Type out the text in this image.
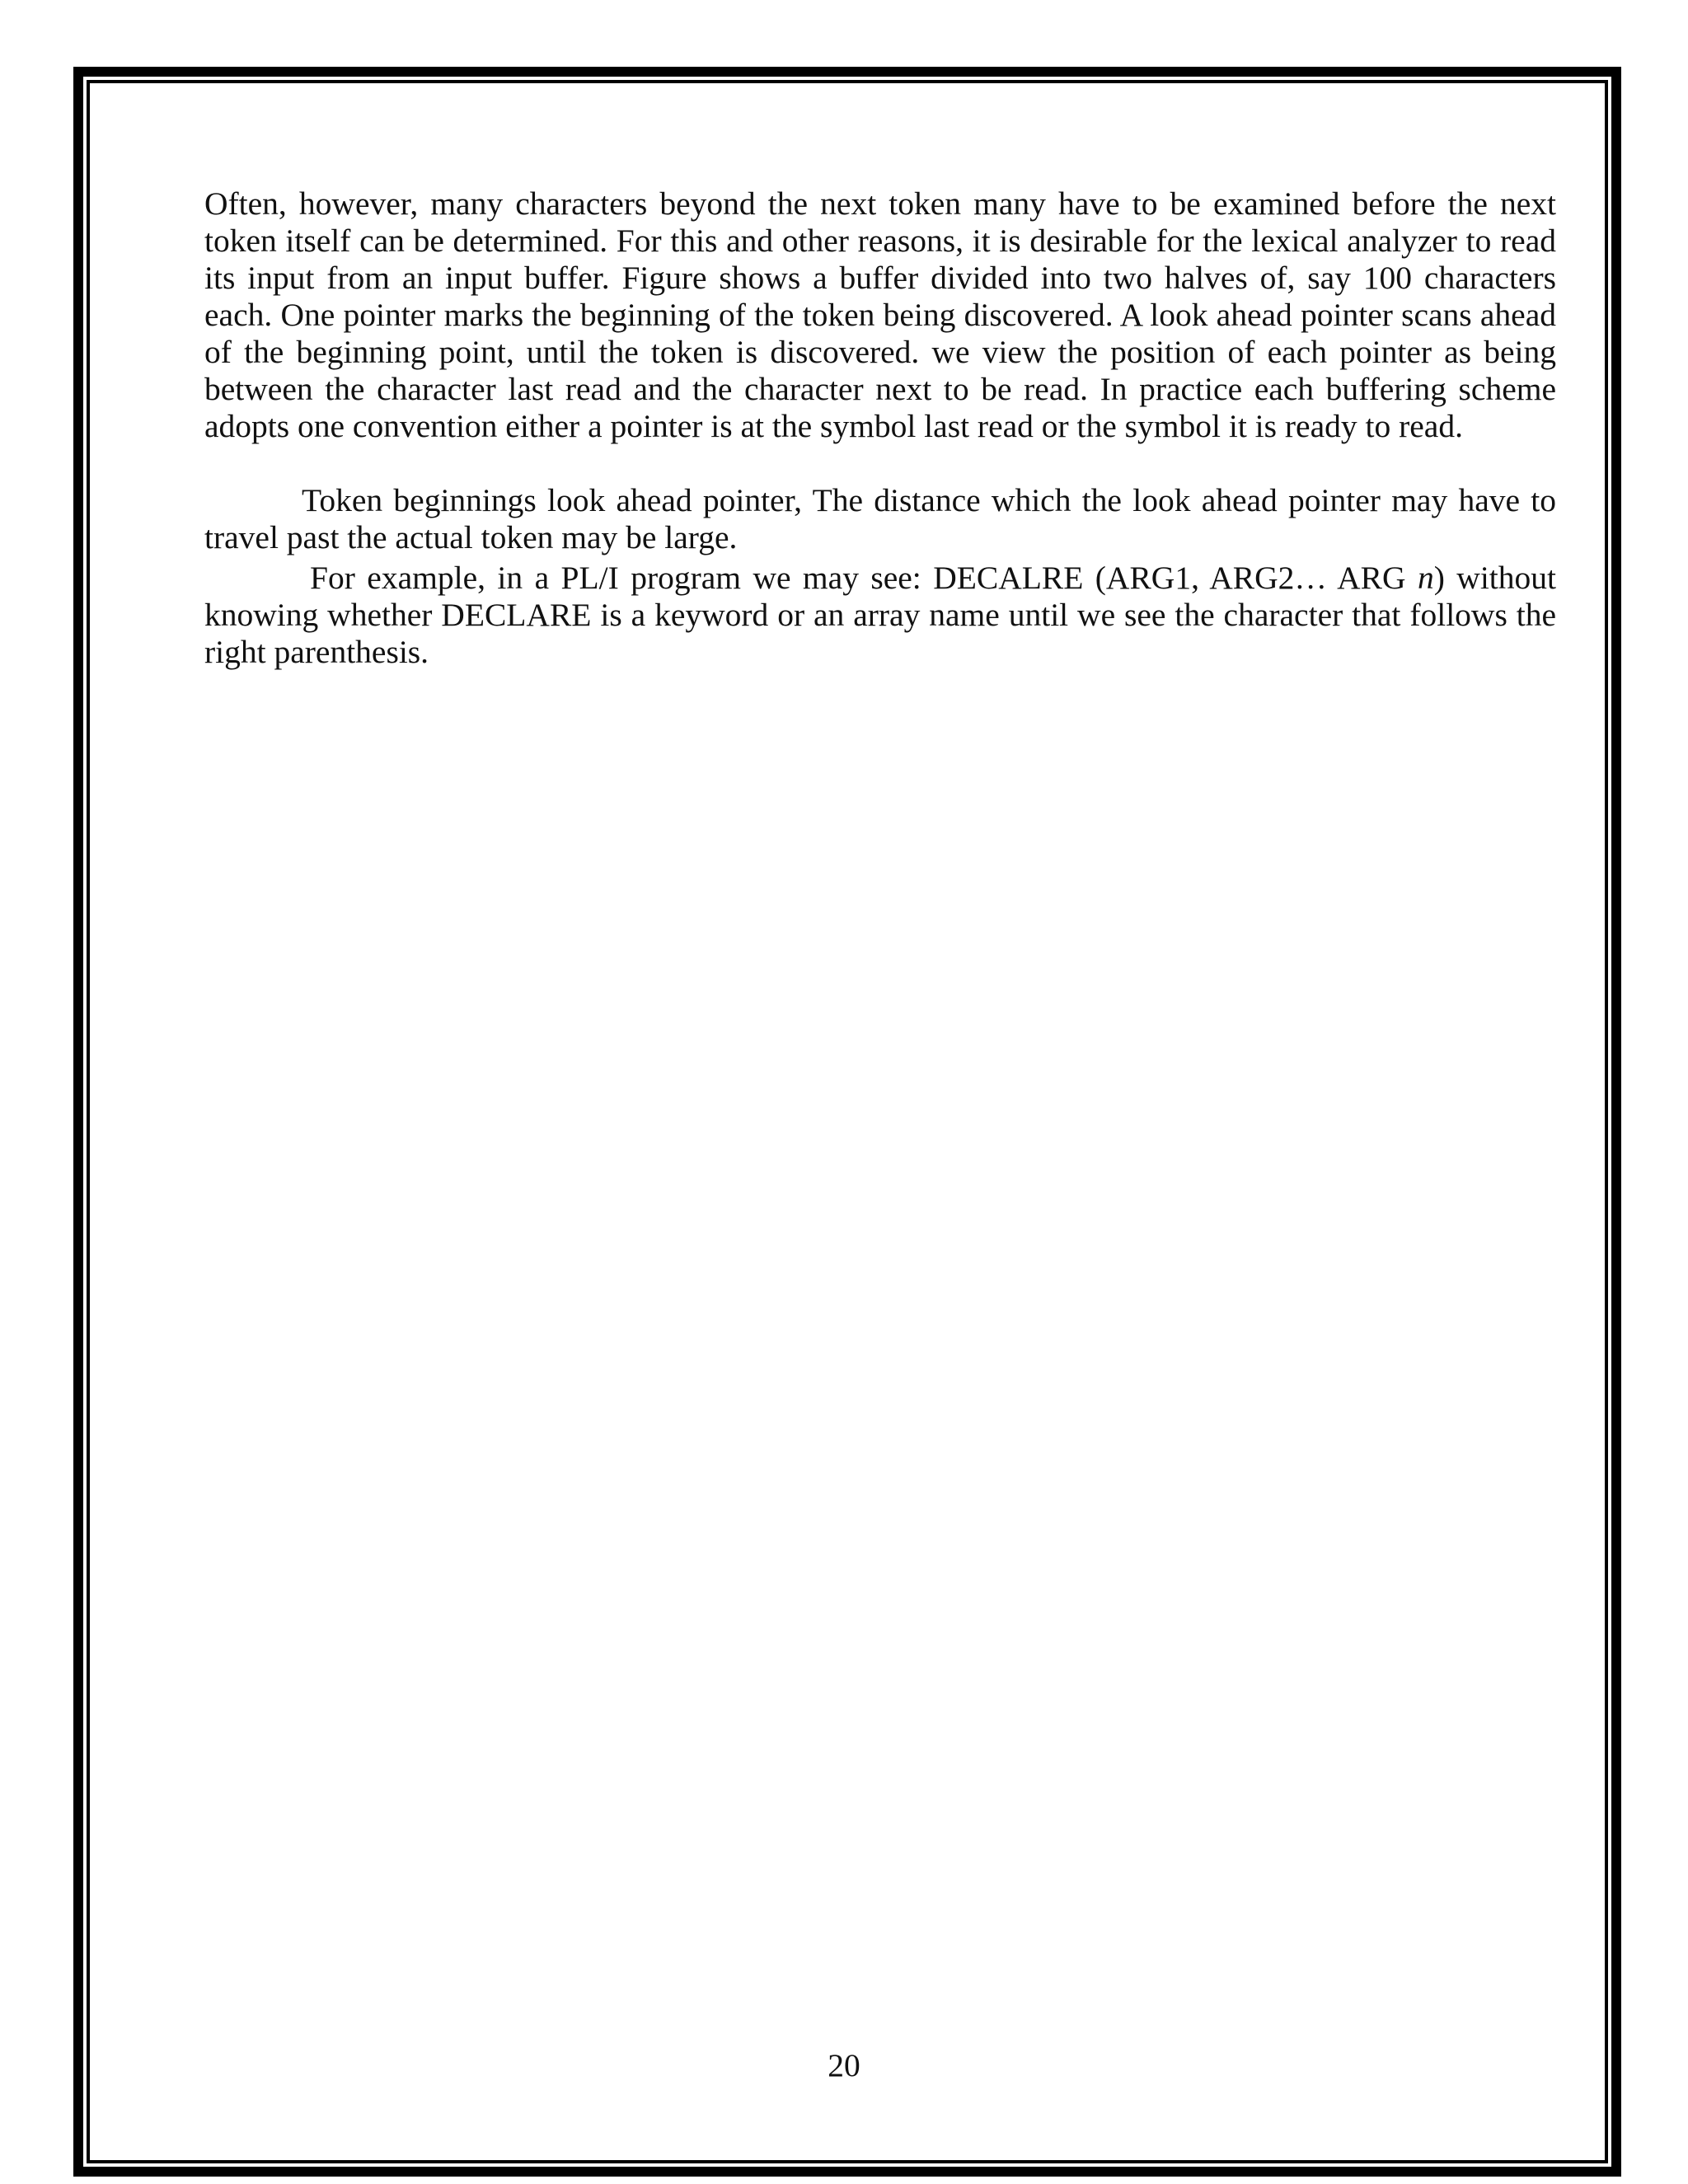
Often, however, many characters beyond the next token many have to be examined before the next token itself can be determined. For this and other reasons, it is desirable for the lexical analyzer to read its input from an input buffer. Figure shows a buffer divided into two halves of, say 100 characters each. One pointer marks the beginning of the token being discovered. A look ahead pointer scans ahead of the beginning point, until the token is discovered. we view the position of each pointer as being between the character last read and the character next to be read. In practice each buffering scheme adopts one convention either a pointer is at the symbol last read or the symbol it is ready to read.

Token beginnings look ahead pointer, The distance which the look ahead pointer may have to travel past the actual token may be large.

For example, in a PL/I program we may see: DECALRE (ARG1, ARG2… ARG n) without knowing whether DECLARE is a keyword or an array name until we see the character that follows the right parenthesis.

20
